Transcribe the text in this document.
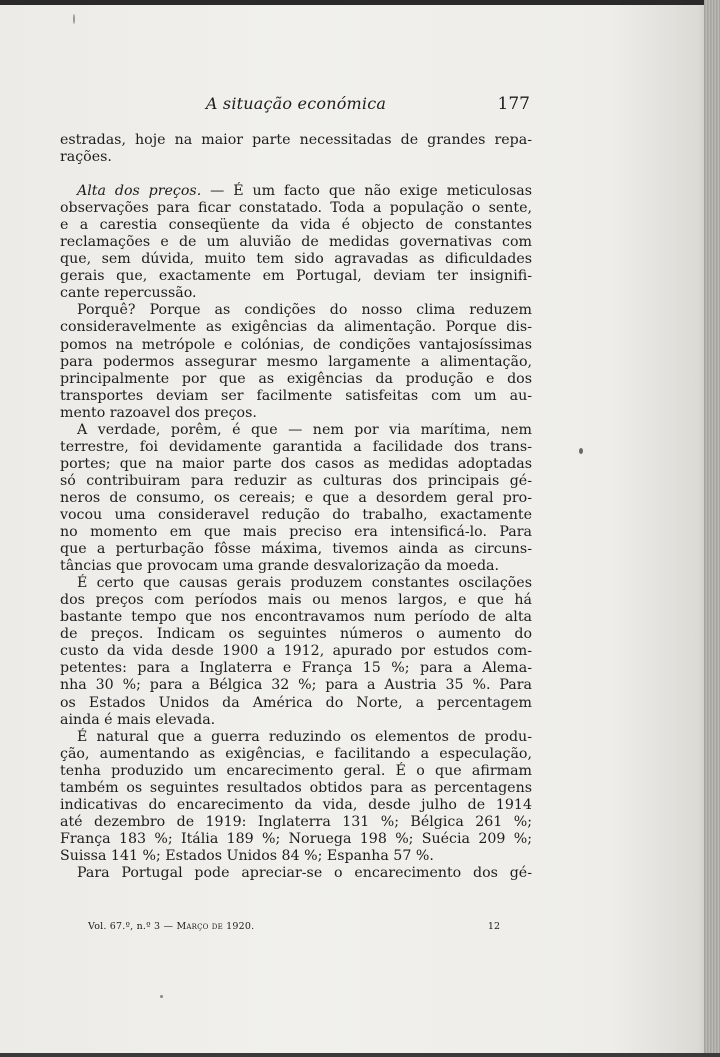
A situação económica	177
estradas, hoje na maior parte necessitadas de grandes repa-
rações.
Alta dos preços. — É um facto que não exige meticulosas
observações para ficar constatado. Toda a população o sente,
e a carestia conseqüente da vida é objecto de constantes
reclamações e de um aluvião de medidas governativas com
que, sem dúvida, muito tem sido agravadas as dificuldades
gerais que, exactamente em Portugal, deviam ter insignifi-
cante repercussão.
Porquê? Porque as condições do nosso clima reduzem
consideravelmente as exigências da alimentação. Porque dis-
pomos na metrópole e colónias, de condições vantajosíssimas
para podermos assegurar mesmo largamente a alimentação,
principalmente por que as exigências da produção e dos
transportes deviam ser facilmente satisfeitas com um au-
mento razoavel dos preços.
A verdade, porêm, é que — nem por via marítima, nem
terrestre, foi devidamente garantida a facilidade dos trans-
portes; que na maior parte dos casos as medidas adoptadas
só contribuiram para reduzir as culturas dos principais gé-
neros de consumo, os cereais; e que a desordem geral pro-
vocou uma consideravel redução do trabalho, exactamente
no momento em que mais preciso era intensificá-lo. Para
que a perturbação fôsse máxima, tivemos ainda as circuns-
tâncias que provocam uma grande desvalorização da moeda.
É certo que causas gerais produzem constantes oscilações
dos preços com períodos mais ou menos largos, e que há
bastante tempo que nos encontravamos num período de alta
de preços. Indicam os seguintes números o aumento do
custo da vida desde 1900 a 1912, apurado por estudos com-
petentes: para a Inglaterra e França 15 %; para a Alema-
nha 30 %; para a Bélgica 32 %; para a Austria 35 %. Para
os Estados Unidos da América do Norte, a percentagem
ainda é mais elevada.
É natural que a guerra reduzindo os elementos de produ-
ção, aumentando as exigências, e facilitando a especulação,
tenha produzido um encarecimento geral. É o que afirmam
também os seguintes resultados obtidos para as percentagens
indicativas do encarecimento da vida, desde julho de 1914
até dezembro de 1919: Inglaterra 131 %; Bélgica 261 %;
França 183 %; Itália 189 %; Noruega 198 %; Suécia 209 %;
Suissa 141 %; Estados Unidos 84 %; Espanha 57 %.
Para Portugal pode apreciar-se o encarecimento dos gé-
Vol. 67.º, n.º 3 — Março de 1920.	12
